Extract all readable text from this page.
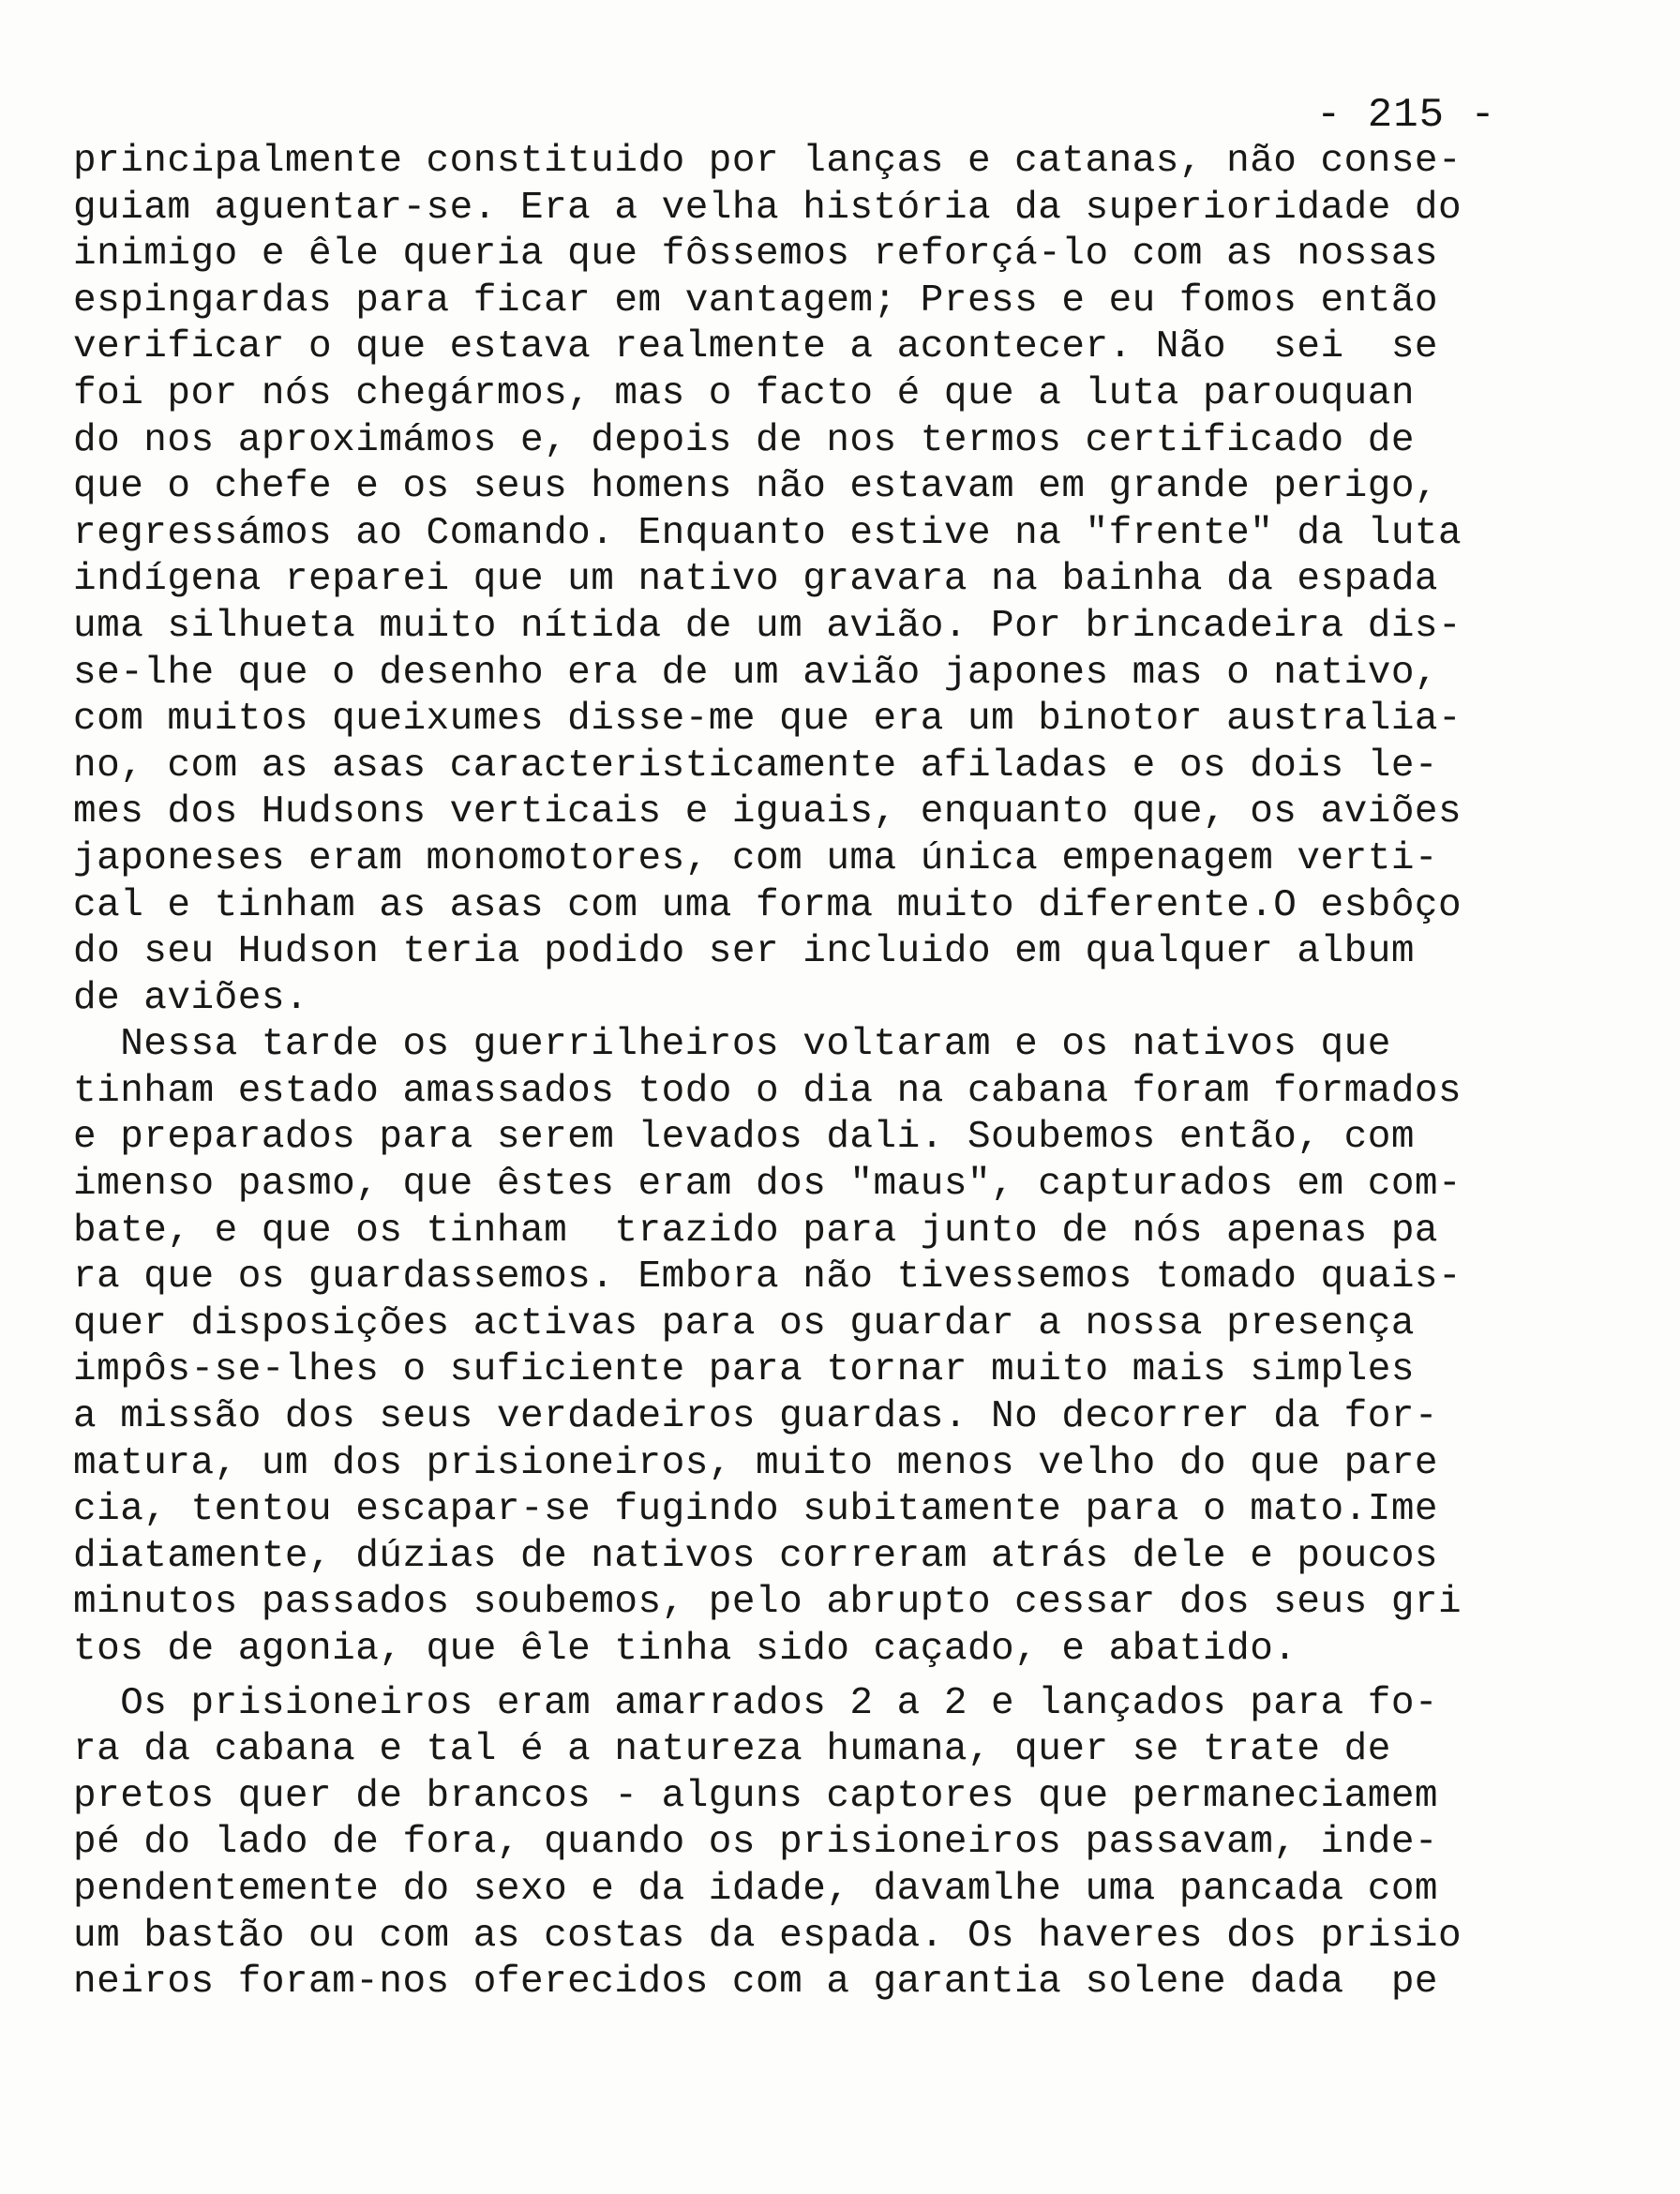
- 215 -
principalmente constituido por lanças e catanas, não conse-
guiam aguentar-se. Era a velha história da superioridade do
inimigo e êle queria que fôssemos reforçá-lo com as nossas
espingardas para ficar em vantagem; Press e eu fomos então
verificar o que estava realmente a acontecer. Não  sei  se
foi por nós chegármos, mas o facto é que a luta parouquan
do nos aproximámos e, depois de nos termos certificado de
que o chefe e os seus homens não estavam em grande perigo,
regressámos ao Comando. Enquanto estive na "frente" da luta
indígena reparei que um nativo gravara na bainha da espada
uma silhueta muito nítida de um avião. Por brincadeira dis-
se-lhe que o desenho era de um avião japones mas o nativo,
com muitos queixumes disse-me que era um binotor australia-
no, com as asas caracteristicamente afiladas e os dois le-
mes dos Hudsons verticais e iguais, enquanto que, os aviões
japoneses eram monomotores, com uma única empenagem verti-
cal e tinham as asas com uma forma muito diferente.O esbôço
do seu Hudson teria podido ser incluido em qualquer album
de aviões.
Nessa tarde os guerrilheiros voltaram e os nativos que
tinham estado amassados todo o dia na cabana foram formados
e preparados para serem levados dali. Soubemos então, com
imenso pasmo, que êstes eram dos "maus", capturados em com-
bate, e que os tinham  trazido para junto de nós apenas pa
ra que os guardassemos. Embora não tivessemos tomado quais-
quer disposições activas para os guardar a nossa presença
impôs-se-lhes o suficiente para tornar muito mais simples
a missão dos seus verdadeiros guardas. No decorrer da for-
matura, um dos prisioneiros, muito menos velho do que pare
cia, tentou escapar-se fugindo subitamente para o mato.Ime
diatamente, dúzias de nativos correram atrás dele e poucos
minutos passados soubemos, pelo abrupto cessar dos seus gri
tos de agonia, que êle tinha sido caçado, e abatido.
Os prisioneiros eram amarrados 2 a 2 e lançados para fo-
ra da cabana e tal é a natureza humana, quer se trate de
pretos quer de brancos - alguns captores que permaneciamem
pé do lado de fora, quando os prisioneiros passavam, inde-
pendentemente do sexo e da idade, davamlhe uma pancada com
um bastão ou com as costas da espada. Os haveres dos prisio
neiros foram-nos oferecidos com a garantia solene dada  pe
